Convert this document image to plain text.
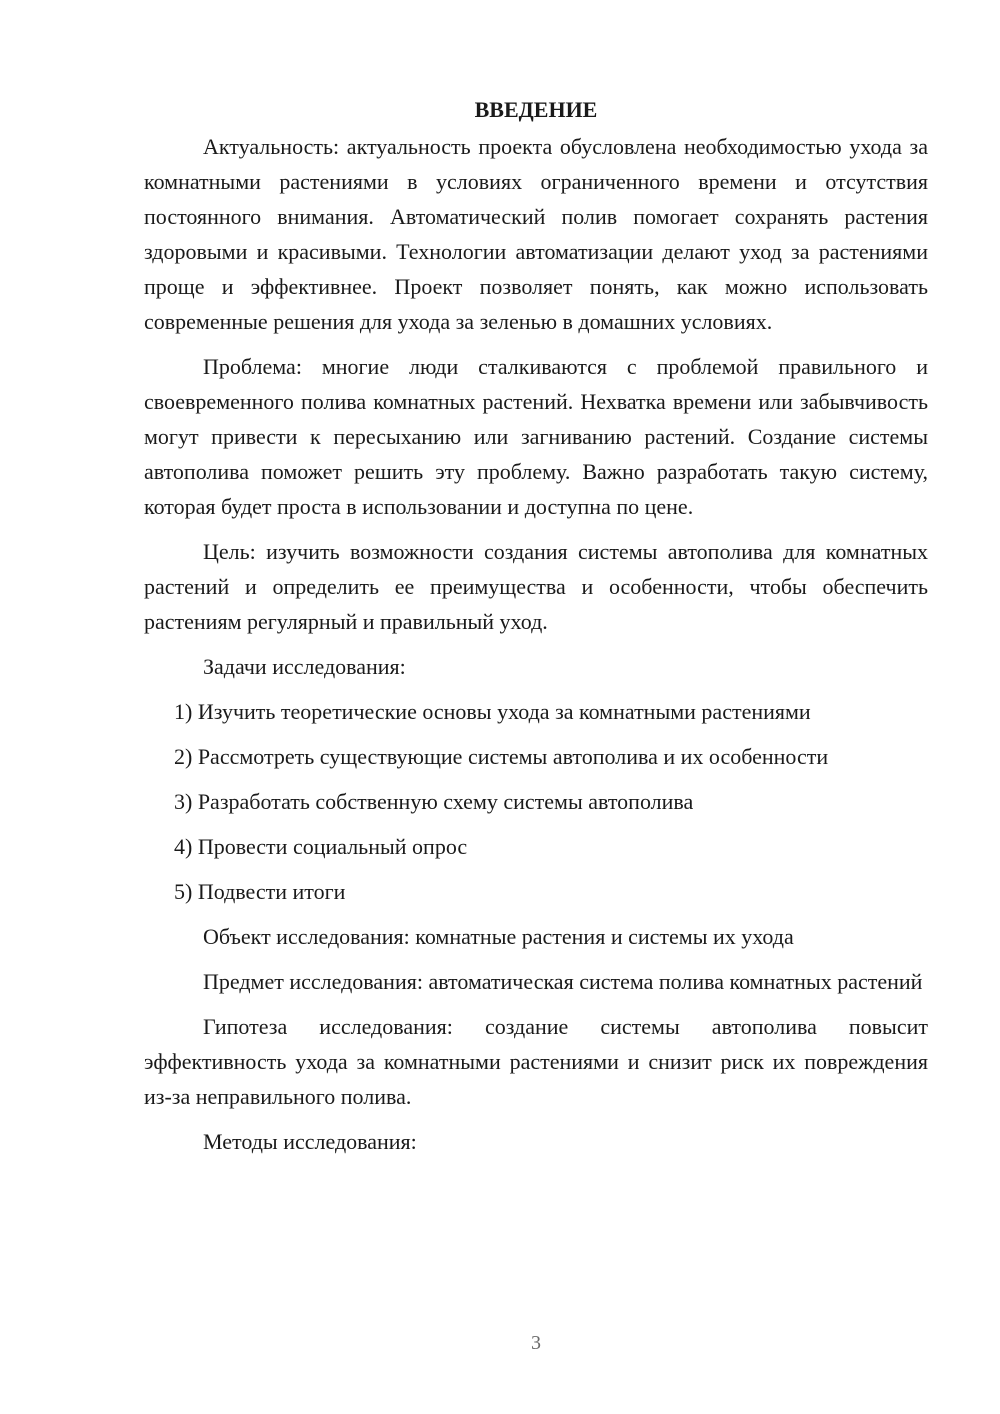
ВВЕДЕНИЕ

Актуальность: актуальность проекта обусловлена необходимостью ухода за комнатными растениями в условиях ограниченного времени и отсутствия постоянного внимания. Автоматический полив помогает сохранять растения здоровыми и красивыми. Технологии автоматизации делают уход за растениями проще и эффективнее. Проект позволяет понять, как можно использовать современные решения для ухода за зеленью в домашних условиях.

Проблема: многие люди сталкиваются с проблемой правильного и своевременного полива комнатных растений. Нехватка времени или забывчивость могут привести к пересыханию или загниванию растений. Создание системы автополива поможет решить эту проблему. Важно разработать такую систему, которая будет проста в использовании и доступна по цене.

Цель: изучить возможности создания системы автополива для комнатных растений и определить ее преимущества и особенности, чтобы обеспечить растениям регулярный и правильный уход.

Задачи исследования:

1) Изучить теоретические основы ухода за комнатными растениями
2) Рассмотреть существующие системы автополива и их особенности
3) Разработать собственную схему системы автополива
4) Провести социальный опрос
5) Подвести итоги

Объект исследования: комнатные растения и системы их ухода

Предмет исследования: автоматическая система полива комнатных растений

Гипотеза исследования: создание системы автополива повысит эффективность ухода за комнатными растениями и снизит риск их повреждения из-за неправильного полива.

Методы исследования:

3
